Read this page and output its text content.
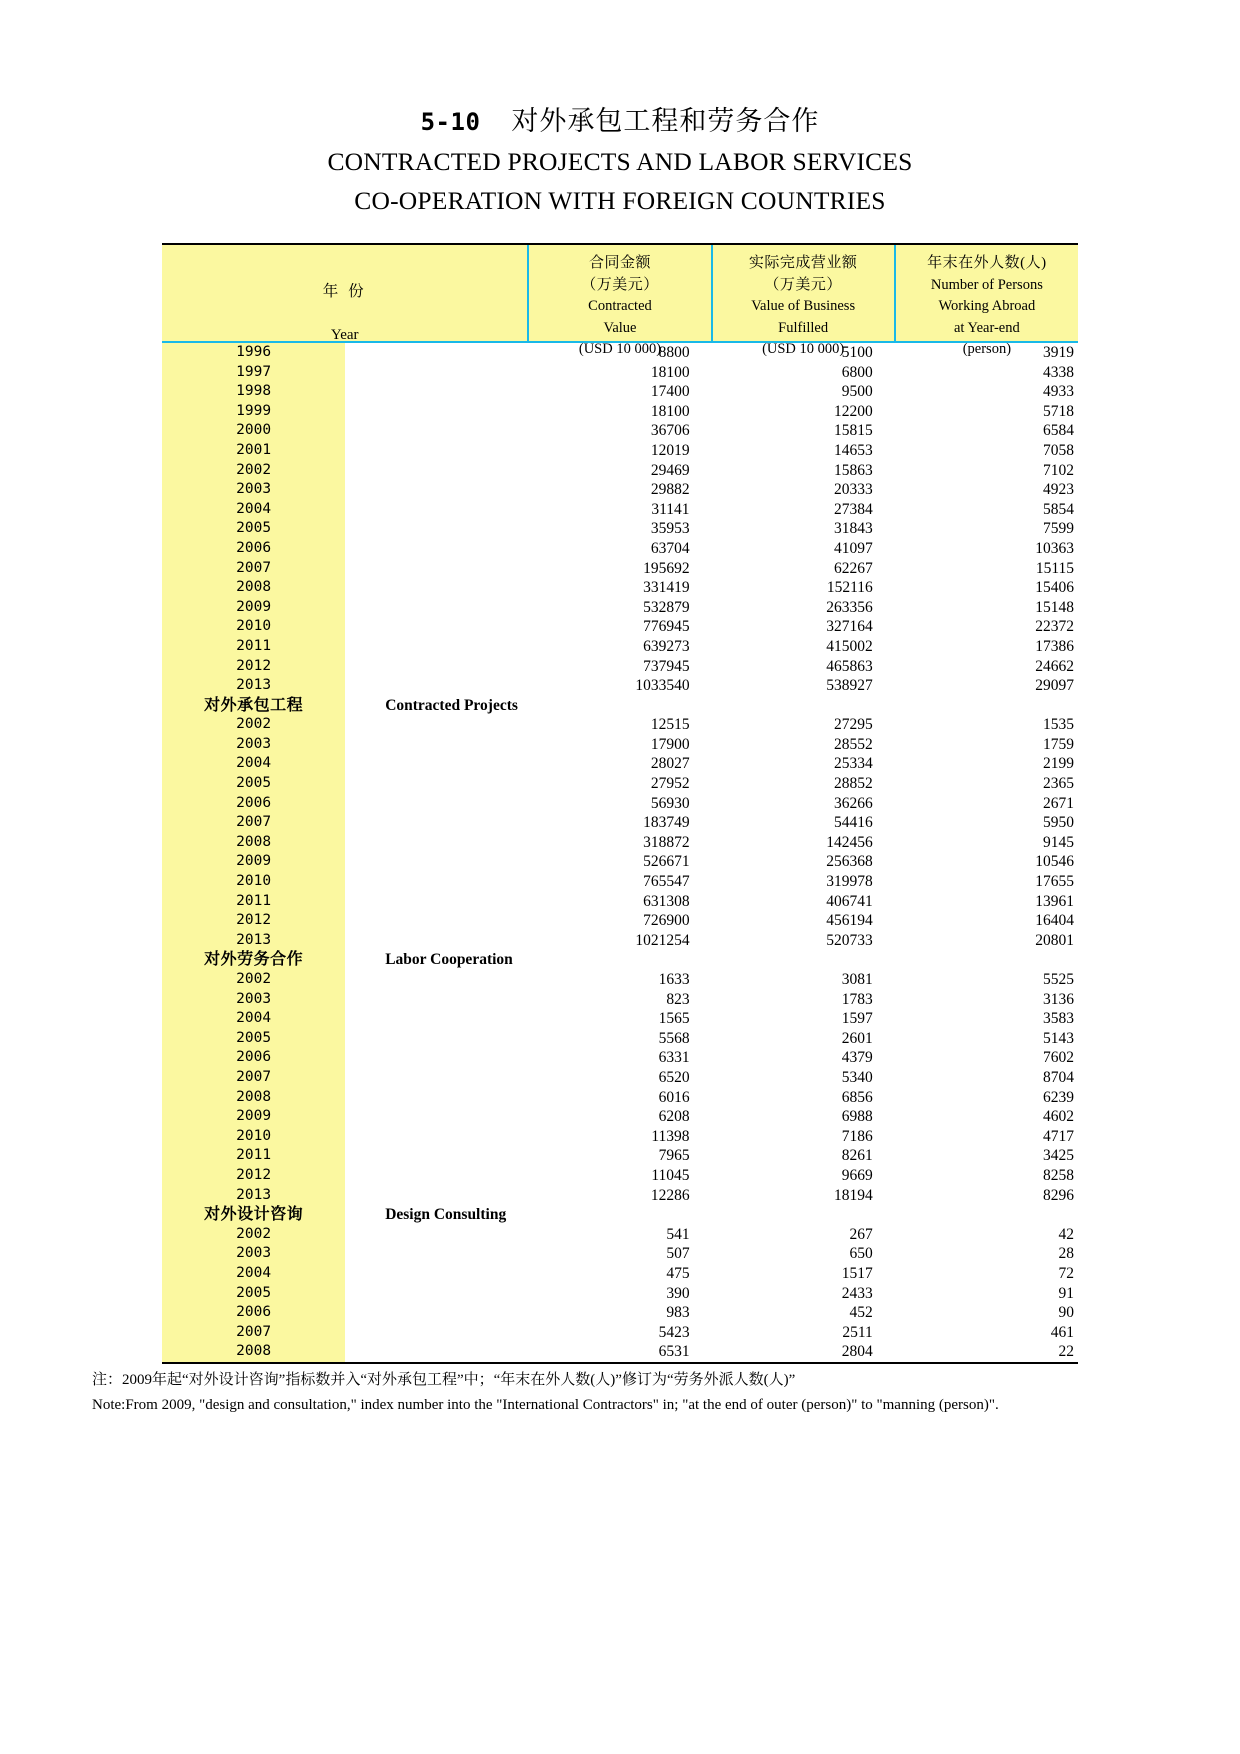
5-10 对外承包工程和劳务合作
CONTRACTED PROJECTS AND LABOR SERVICES
CO-OPERATION WITH FOREIGN COUNTRIES
年 份
Year

合同金额
（万美元）
Contracted
Value
(USD 10 000)

实际完成营业额
（万美元）
Value of Business
Fulfilled
(USD 10 000)

年末在外人数(人)
Number of Persons
Working Abroad
at Year-end
(person)

1996		8800	5100	3919
1997		18100	6800	4338
1998		17400	9500	4933
1999		18100	12200	5718
2000		36706	15815	6584
2001		12019	14653	7058
2002		29469	15863	7102
2003		29882	20333	4923
2004		31141	27384	5854
2005		35953	31843	7599
2006		63704	41097	10363
2007		195692	62267	15115
2008		331419	152116	15406
2009		532879	263356	15148
2010		776945	327164	22372
2011		639273	415002	17386
2012		737945	465863	24662
2013		1033540	538927	29097
对外承包工程	Contracted Projects			
2002		12515	27295	1535
2003		17900	28552	1759
2004		28027	25334	2199
2005		27952	28852	2365
2006		56930	36266	2671
2007		183749	54416	5950
2008		318872	142456	9145
2009		526671	256368	10546
2010		765547	319978	17655
2011		631308	406741	13961
2012		726900	456194	16404
2013		1021254	520733	20801
对外劳务合作	Labor Cooperation			
2002		1633	3081	5525
2003		823	1783	3136
2004		1565	1597	3583
2005		5568	2601	5143
2006		6331	4379	7602
2007		6520	5340	8704
2008		6016	6856	6239
2009		6208	6988	4602
2010		11398	7186	4717
2011		7965	8261	3425
2012		11045	9669	8258
2013		12286	18194	8296
对外设计咨询	Design Consulting			
2002		541	267	42
2003		507	650	28
2004		475	1517	72
2005		390	2433	91
2006		983	452	90
2007		5423	2511	461
2008		6531	2804	22
注：2009年起“对外设计咨询”指标数并入“对外承包工程”中；“年末在外人数(人)”修订为“劳务外派人数(人)”
Note:From 2009, "design and consultation," index number into the "International Contractors" in; "at the end of outer (person)" to "manning (person)".
